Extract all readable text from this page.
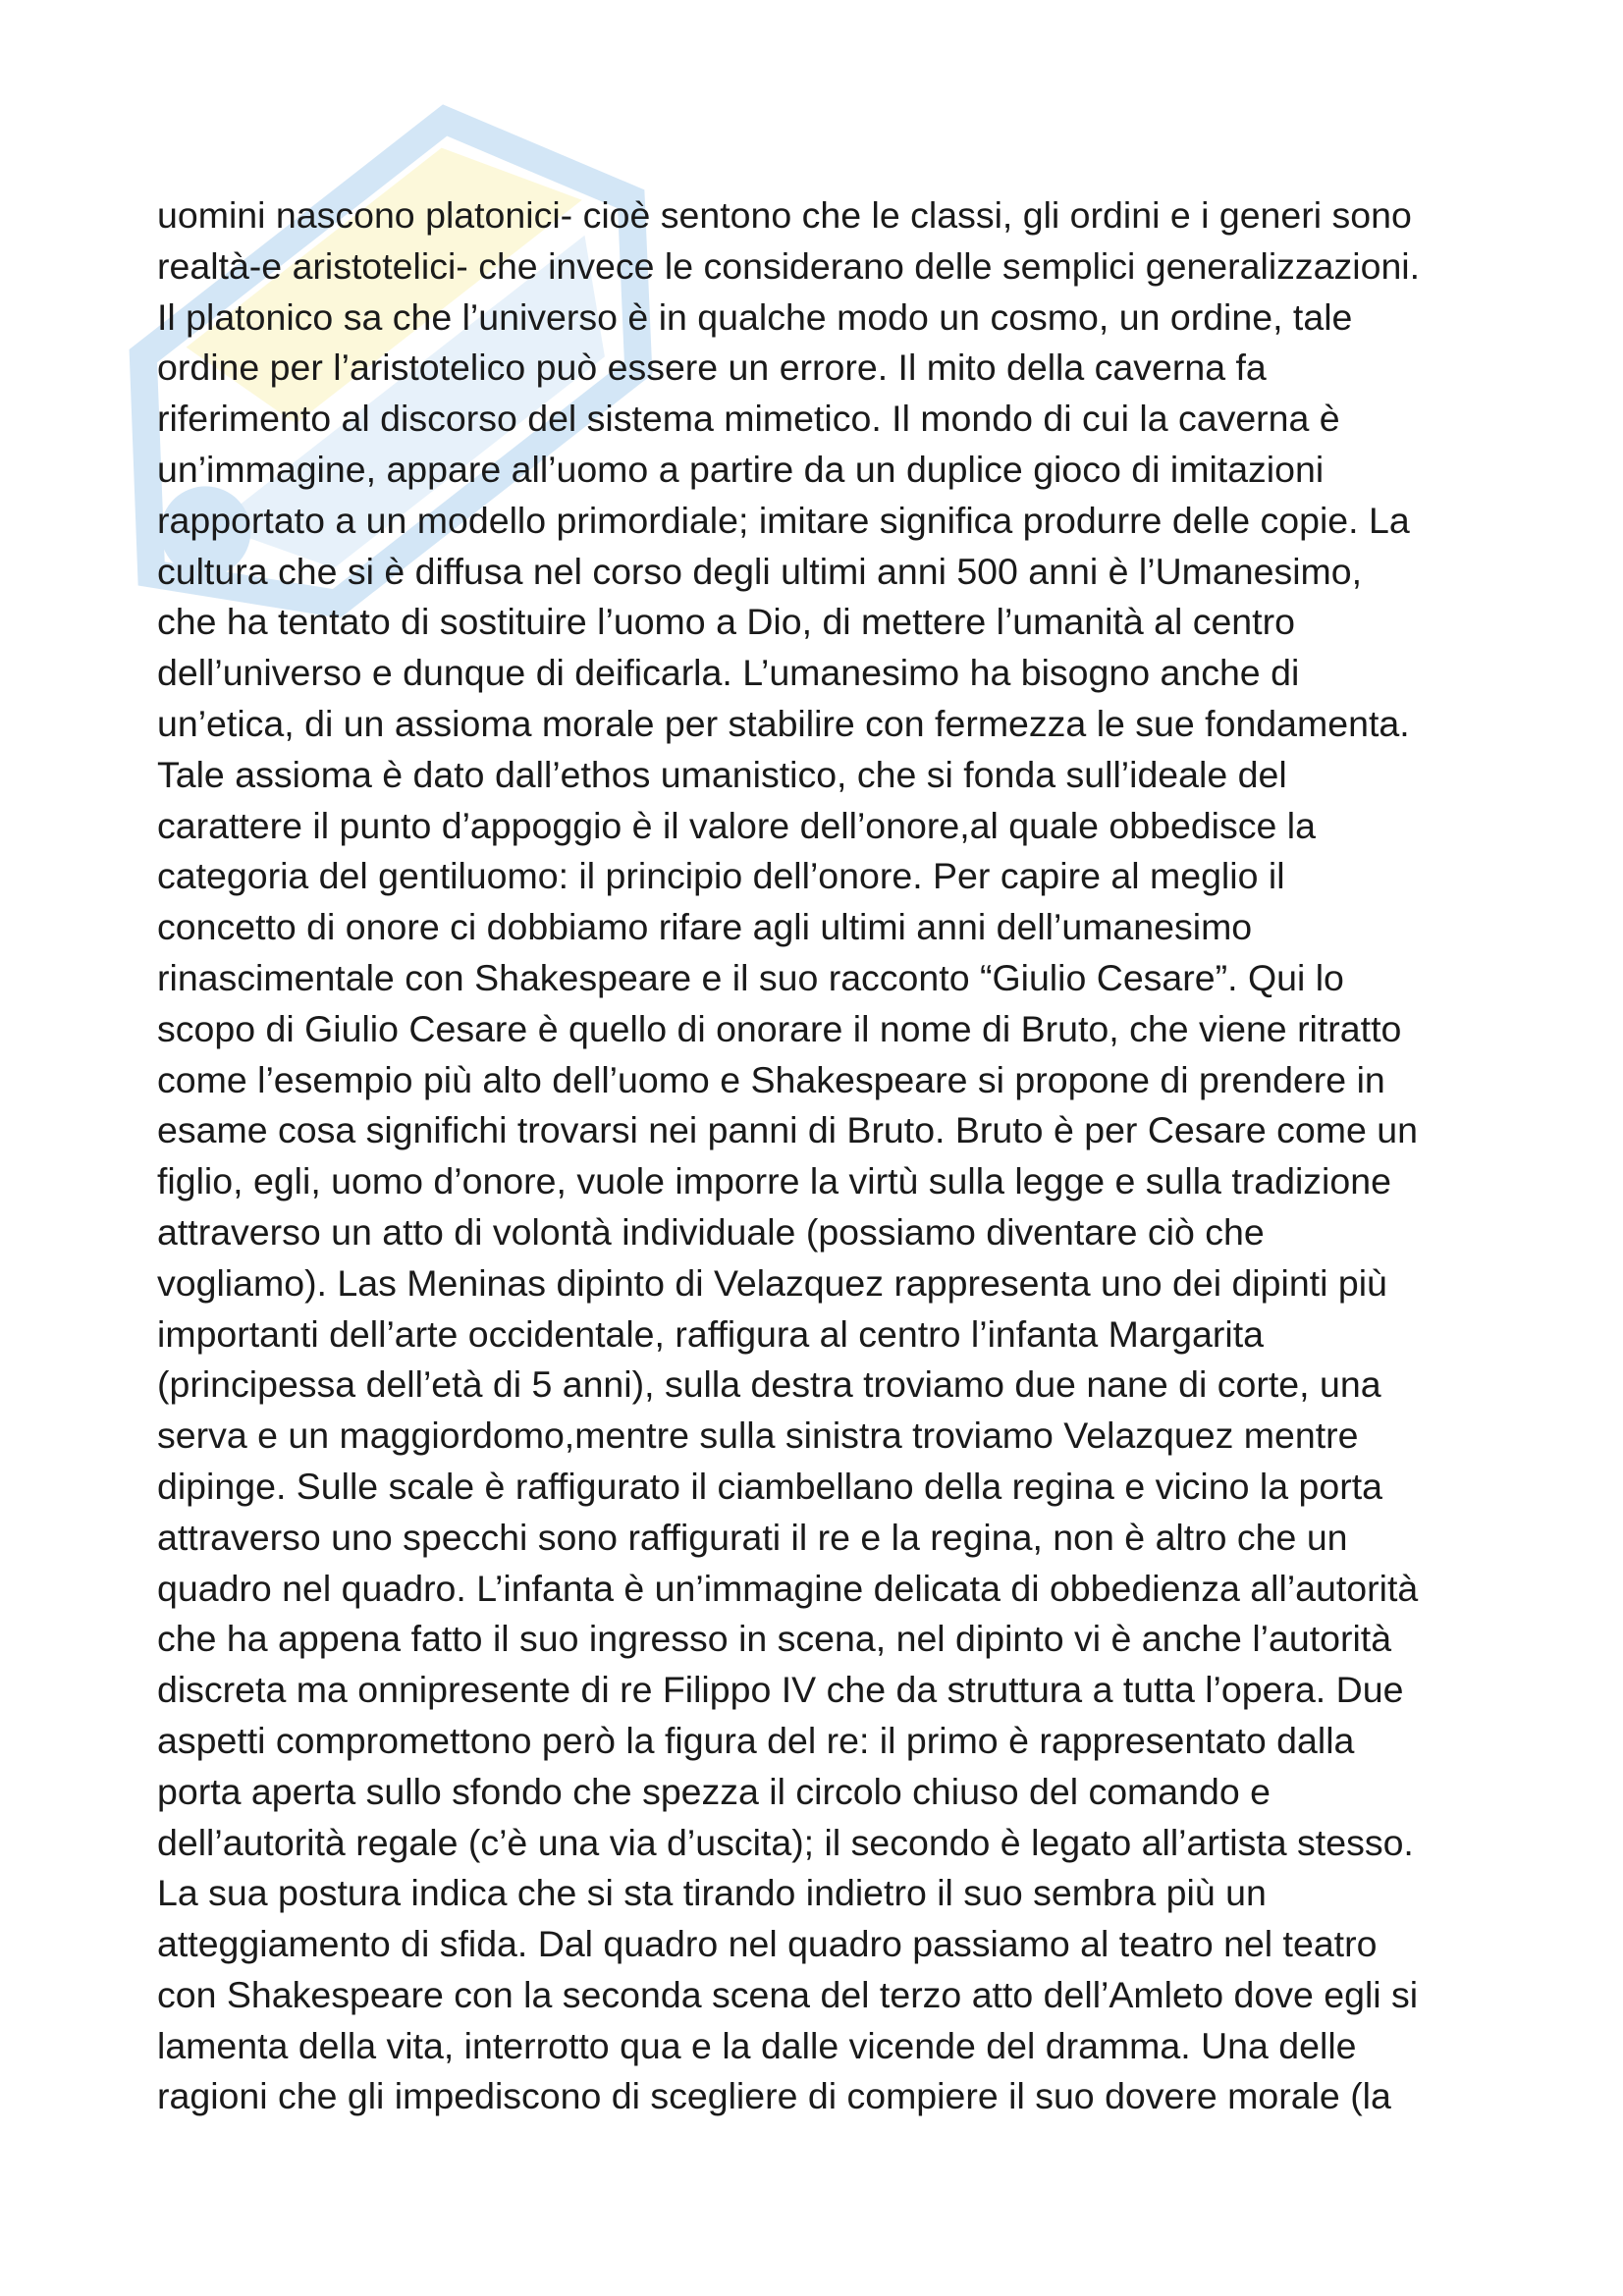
uomini nascono platonici- cioè sentono che le classi, gli ordini e i generi sono
realtà-e aristotelici- che invece le considerano delle semplici generalizzazioni.
Il platonico sa che l’universo è in qualche modo un cosmo, un ordine, tale
ordine per l’aristotelico può essere un errore. Il mito della caverna fa
riferimento al discorso del sistema mimetico. Il mondo di cui la caverna è
un’immagine, appare all’uomo a partire da un duplice gioco di imitazioni
rapportato a un modello primordiale; imitare significa produrre delle copie. La
cultura che si è diffusa nel corso degli ultimi anni 500 anni è l’Umanesimo,
che ha tentato di sostituire l’uomo a Dio, di mettere l’umanità al centro
dell’universo e dunque di deificarla. L’umanesimo ha bisogno anche di
un’etica, di un assioma morale per stabilire con fermezza le sue fondamenta.
Tale assioma è dato dall’ethos umanistico, che si fonda sull’ideale del
carattere il punto d’appoggio è il valore dell’onore,al quale obbedisce la
categoria del gentiluomo: il principio dell’onore. Per capire al meglio il
concetto di onore ci dobbiamo rifare agli ultimi anni dell’umanesimo
rinascimentale con Shakespeare e il suo racconto “Giulio Cesare”. Qui lo
scopo di Giulio Cesare è quello di onorare il nome di Bruto, che viene ritratto
come l’esempio più alto dell’uomo e Shakespeare si propone di prendere in
esame cosa significhi trovarsi nei panni di Bruto. Bruto è per Cesare come un
figlio, egli, uomo d’onore, vuole imporre la virtù sulla legge e sulla tradizione
attraverso un atto di volontà individuale (possiamo diventare ciò che
vogliamo). Las Meninas dipinto di Velazquez rappresenta uno dei dipinti più
importanti dell’arte occidentale, raffigura al centro l’infanta Margarita
(principessa dell’età di 5 anni), sulla destra troviamo due nane di corte, una
serva e un maggiordomo,mentre sulla sinistra troviamo Velazquez mentre
dipinge. Sulle scale è raffigurato il ciambellano della regina e vicino la porta
attraverso uno specchi sono raffigurati il re e la regina, non è altro che un
quadro nel quadro. L’infanta è un’immagine delicata di obbedienza all’autorità
che ha appena fatto il suo ingresso in scena, nel dipinto vi è anche l’autorità
discreta ma onnipresente di re Filippo IV che da struttura a tutta l’opera. Due
aspetti compromettono però la figura del re: il primo è rappresentato dalla
porta aperta sullo sfondo che spezza il circolo chiuso del comando e
dell’autorità regale (c’è una via d’uscita); il secondo è legato all’artista stesso.
La sua postura indica che si sta tirando indietro il suo sembra più un
atteggiamento di sfida. Dal quadro nel quadro passiamo al teatro nel teatro
con Shakespeare con la seconda scena del terzo atto dell’Amleto dove egli si
lamenta della vita, interrotto qua e la dalle vicende del dramma. Una delle
ragioni che gli impediscono di scegliere di compiere il suo dovere morale (la
